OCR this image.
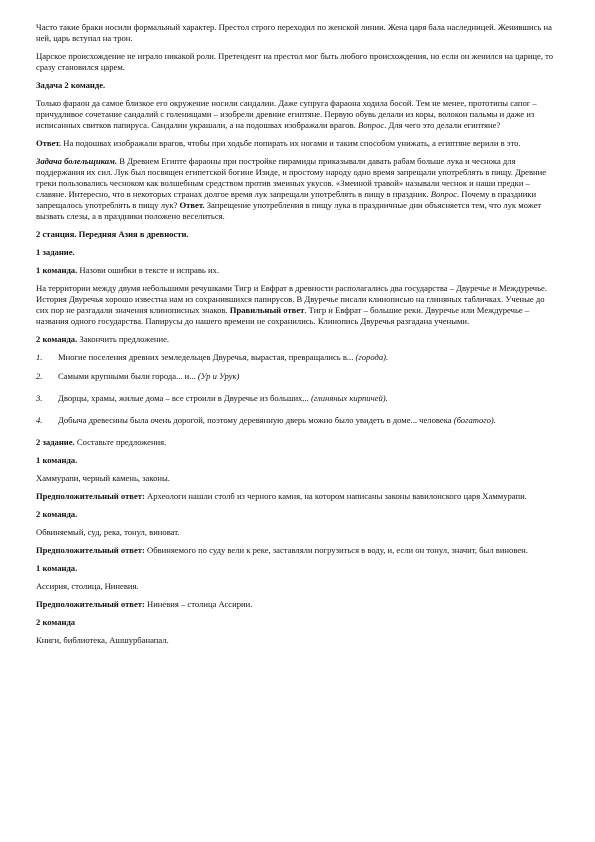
Часто такие браки носили формальный характер. Престол строго переходил по женской линии. Жена царя бала наследницей. Женившись на ней, царь вступал на трон.

Царское происхождение не играло никакой роли. Претендент на престол мог быть любого происхождения, но если он женился на царице, то сразу становился царем.

Задача 2 команде.

Только фараон да самое близкое его окружение носили сандалии. Даже супруга фараона ходила босой. Тем не менее, прототипы сапог – причудливое сочетание сандалий с голенищами – изобрели древние египтяне. Первую обувь делали из коры, волокон пальмы и даже из исписанных свитков папируса. Сандалии украшали, а на подошвах изображали врагов. Вопрос. Для чего это делали египтяне?

Ответ. На подошвах изображали врагов, чтобы при ходьбе попирать их ногами и таким способом унижать, а египтяне верили в это.

Задача болельщикам. В Древнем Египте фараоны при постройке пирамиды приказывали давать рабам больше лука и чеснока для поддержания их сил. Лук был посвящен египетской богине Изиде, и простому народу одно время запрещали употреблять в пищу. Древние греки пользовались чесноком как волшебным средством против змеиных укусов. «Змеиной травой» называли чеснок и наши предки – славяне. Интересно, что в некоторых странах долгое время лук запрещали употреблять в пищу в праздник. Вопрос. Почему в праздники запрещалось употреблять в пищу лук? Ответ. Запрещение употребления в пищу лука в праздничные дни объясняется тем, что лук может вызвать слезы, а в праздники положено веселиться.

2 станция. Передняя Азия в древности.

1 задание.

1 команда. Назови ошибки в тексте и исправь их.

На территории между двумя небольшими речушками Тигр и Евфрат в древности располагались два государства – Двуречье и Междуречье. История Двуречья хорошо известна нам из сохранившихся папирусов. В Двуречье писали клинописью на глиняных табличках. Ученые до сих пор не разгадали значения клинописных знаков. Правильный ответ. Тигр и Евфрат – большие реки. Двуречье или Междуречье – названия одного государства. Папирусы до нашего времени не сохранились. Клинопись Двуречья разгадана учеными.

2 команда. Закончить предложение.

1. Многие поселения древних земледельцев Двуречья, вырастая, превращались в... (города).
2. Самыми крупными были города... и... (Ур и Урук)
3. Дворцы, храмы, жилые дома – все строили в Двуречье из больших... (глиняных кирпичей).
4. Добыча древесины была очень дорогой, поэтому деревянную дверь можно было увидеть в доме... человека (богатого).

2 задание. Составьте предложения.

1 команда.

Хаммурапи, черный камень, законы.

Предположительный ответ: Археологи нашли столб из черного камня, на котором написаны законы вавилонского царя Хаммурапи.

2 команда.

Обвиняемый, суд, река, тонул, виноват.

Предположительный ответ: Обвиняемого по суду вели к реке, заставляли погрузиться в воду, и, если он тонул, значит, был виновен.

1 команда.

Ассирия, столица, Ниневия.

Предположительный ответ: Ниневия – столица Ассирии.

2 команда

Книги, библиотека, Ашшурбанапал.
